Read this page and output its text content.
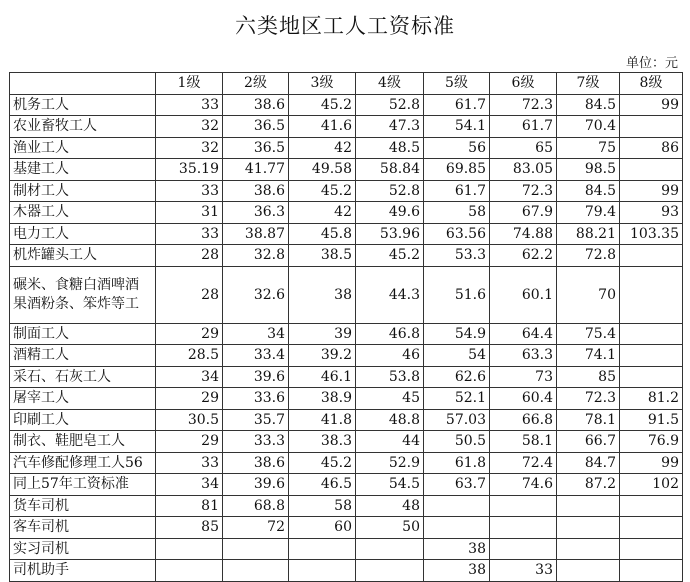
六类地区工人工资标准
单位：元
	1级	2级	3级	4级	5级	6级	7级	8级
机务工人	33	38.6	45.2	52.8	61.7	72.3	84.5	99
农业畜牧工人	32	36.5	41.6	47.3	54.1	61.7	70.4	
渔业工人	32	36.5	42	48.5	56	65	75	86
基建工人	35.19	41.77	49.58	58.84	69.85	83.05	98.5	
制材工人	33	38.6	45.2	52.8	61.7	72.3	84.5	99
木器工人	31	36.3	42	49.6	58	67.9	79.4	93
电力工人	33	38.87	45.8	53.96	63.56	74.88	88.21	103.35
机炸罐头工人	28	32.8	38.5	45.2	53.3	62.2	72.8	
碾米、食糖白酒啤酒果酒粉条、笨炸等工	28	32.6	38	44.3	51.6	60.1	70	
制面工人	29	34	39	46.8	54.9	64.4	75.4	
酒精工人	28.5	33.4	39.2	46	54	63.3	74.1	
采石、石灰工人	34	39.6	46.1	53.8	62.6	73	85	
屠宰工人	29	33.6	38.9	45	52.1	60.4	72.3	81.2
印刷工人	30.5	35.7	41.8	48.8	57.03	66.8	78.1	91.5
制衣、鞋肥皂工人	29	33.3	38.3	44	50.5	58.1	66.7	76.9
汽车修配修理工人56	33	38.6	45.2	52.9	61.8	72.4	84.7	99
同上57年工资标准	34	39.6	46.5	54.5	63.7	74.6	87.2	102
货车司机	81	68.8	58	48				
客车司机	85	72	60	50				
实习司机					38			
司机助手					38	33		
